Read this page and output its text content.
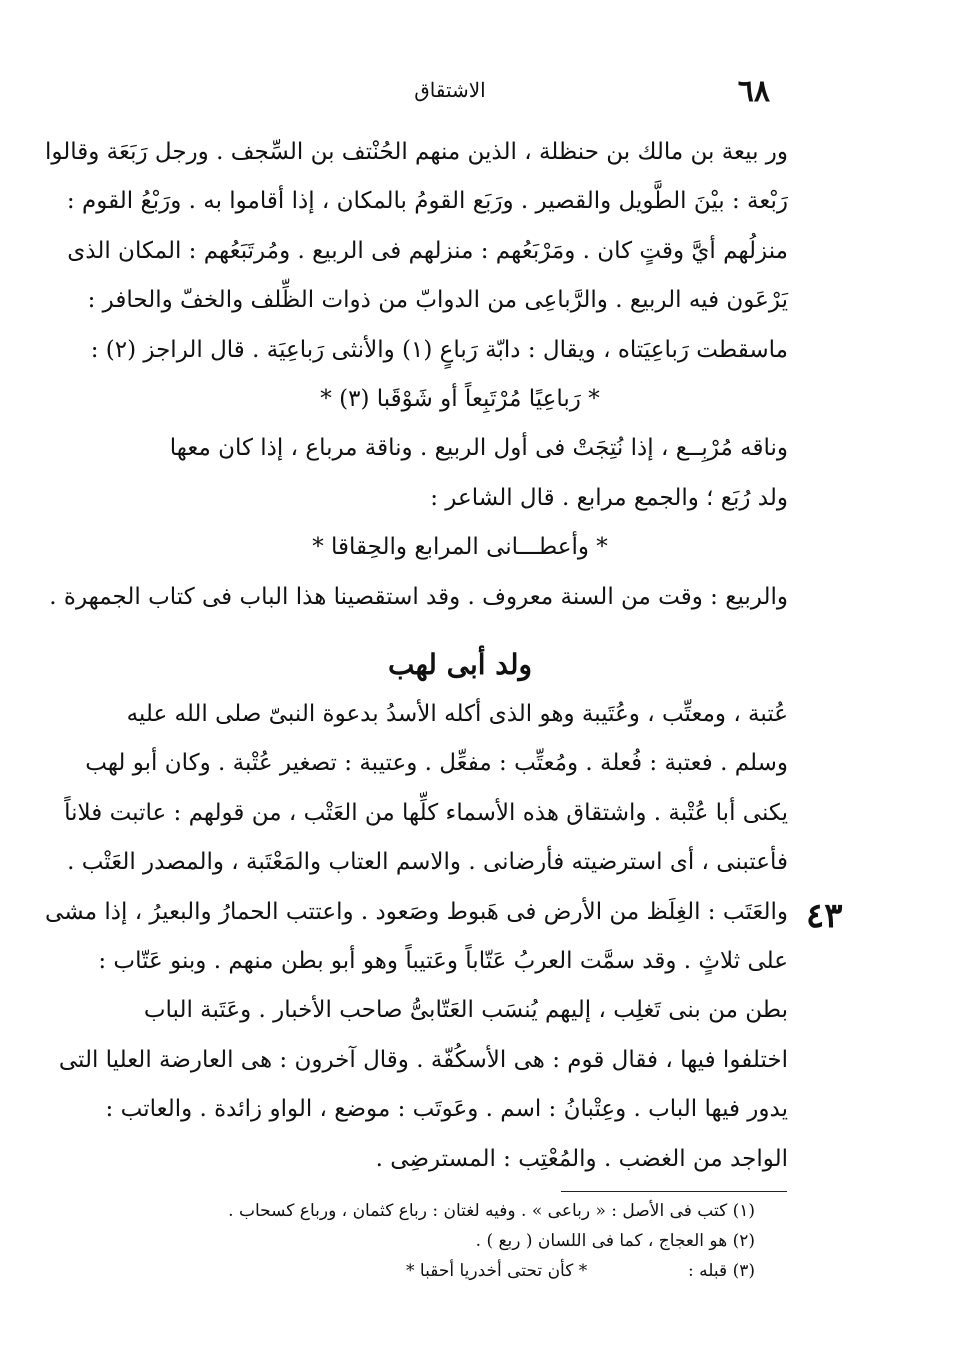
الاشتقاق	٦٨
ور بيعة بن مالك بن حنظلة ، الذين منهم الحُنْتف بن السِّجف . ورجل رَبَعَة وقالوا
رَبْعة : بيْنَ الطَّويل والقصير . ورَبَع القومُ بالمكان ، إذا أقاموا به . ورَبْعُ القوم :
منزلُهم أيَّ وقتٍ كان . ومَرْبَعُهم : منزلهم فى الربيع . ومُرتَبَعُهم : المكان الذى
يَرْعَون فيه الربيع . والرَّباعِى من الدوابّ من ذوات الظِّلف والخفّ والحافر :
ماسقطت رَباعِيَتاه ، ويقال : دابّة رَباعٍ (١) والأنثى رَباعِيَة . قال الراجز (٢) :
* رَباعِيًا مُرْتَبِعاً أو شَوْقَبا (٣) *
وناقه مُرْبِــع ، إذا نُتِجَتْ فى أول الربيع . وناقة مرباع ، إذا كان معها
ولد رُبَع ؛ والجمع مرابع . قال الشاعر :
* وأعطـــانى المرابع والحِقاقا *
والربيع : وقت من السنة معروف . وقد استقصينا هذا الباب فى كتاب الجمهرة .
ولد أبى لهب
عُتبة ، ومعتِّب ، وعُتَيبة وهو الذى أكله الأسدُ بدعوة النبىّ صلى الله عليه
وسلم . فعتبة : فُعلة . ومُعتِّب : مفعِّل . وعتيبة : تصغير عُتْبة . وكان أبو لهب
يكنى أبا عُتْبة . واشتقاق هذه الأسماء كلِّها من العَتْب ، من قولهم : عاتبت فلاناً
فأعتبنى ، أى استرضيته فأرضانى . والاسم العتاب والمَعْتَبة ، والمصدر العَتْب .
والعَتَب : الغِلَظ من الأرض فى هَبوط وصَعود . واعتتب الحمارُ والبعيرُ ، إذا مشى
على ثلاثٍ . وقد سمَّت العربُ عَتّاباً وعَتيباً وهو أبو بطن منهم . وبنو عَتّاب :
بطن من بنى تَغلِب ، إليهم يُنسَب العَتّابىُّ صاحب الأخبار . وعَتَبة الباب
اختلفوا فيها ، فقال قوم : هى الأسكُفّة . وقال آخرون : هى العارضة العليا التى
يدور فيها الباب . وعِتْبانُ : اسم . وعَوتَب : موضع ، الواو زائدة . والعاتب :
الواجد من الغضب . والمُعْتِب : المسترضِى .
٤٣
(١) كتب فى الأصل : « رباعى » . وفيه لغتان : رباع كثمان ، ورباع كسحاب .
(٢) هو العجاج ، كما فى اللسان ( ربع ) .
(٣) قبله :  * كأن تحتى أخدريا أحقبا *
